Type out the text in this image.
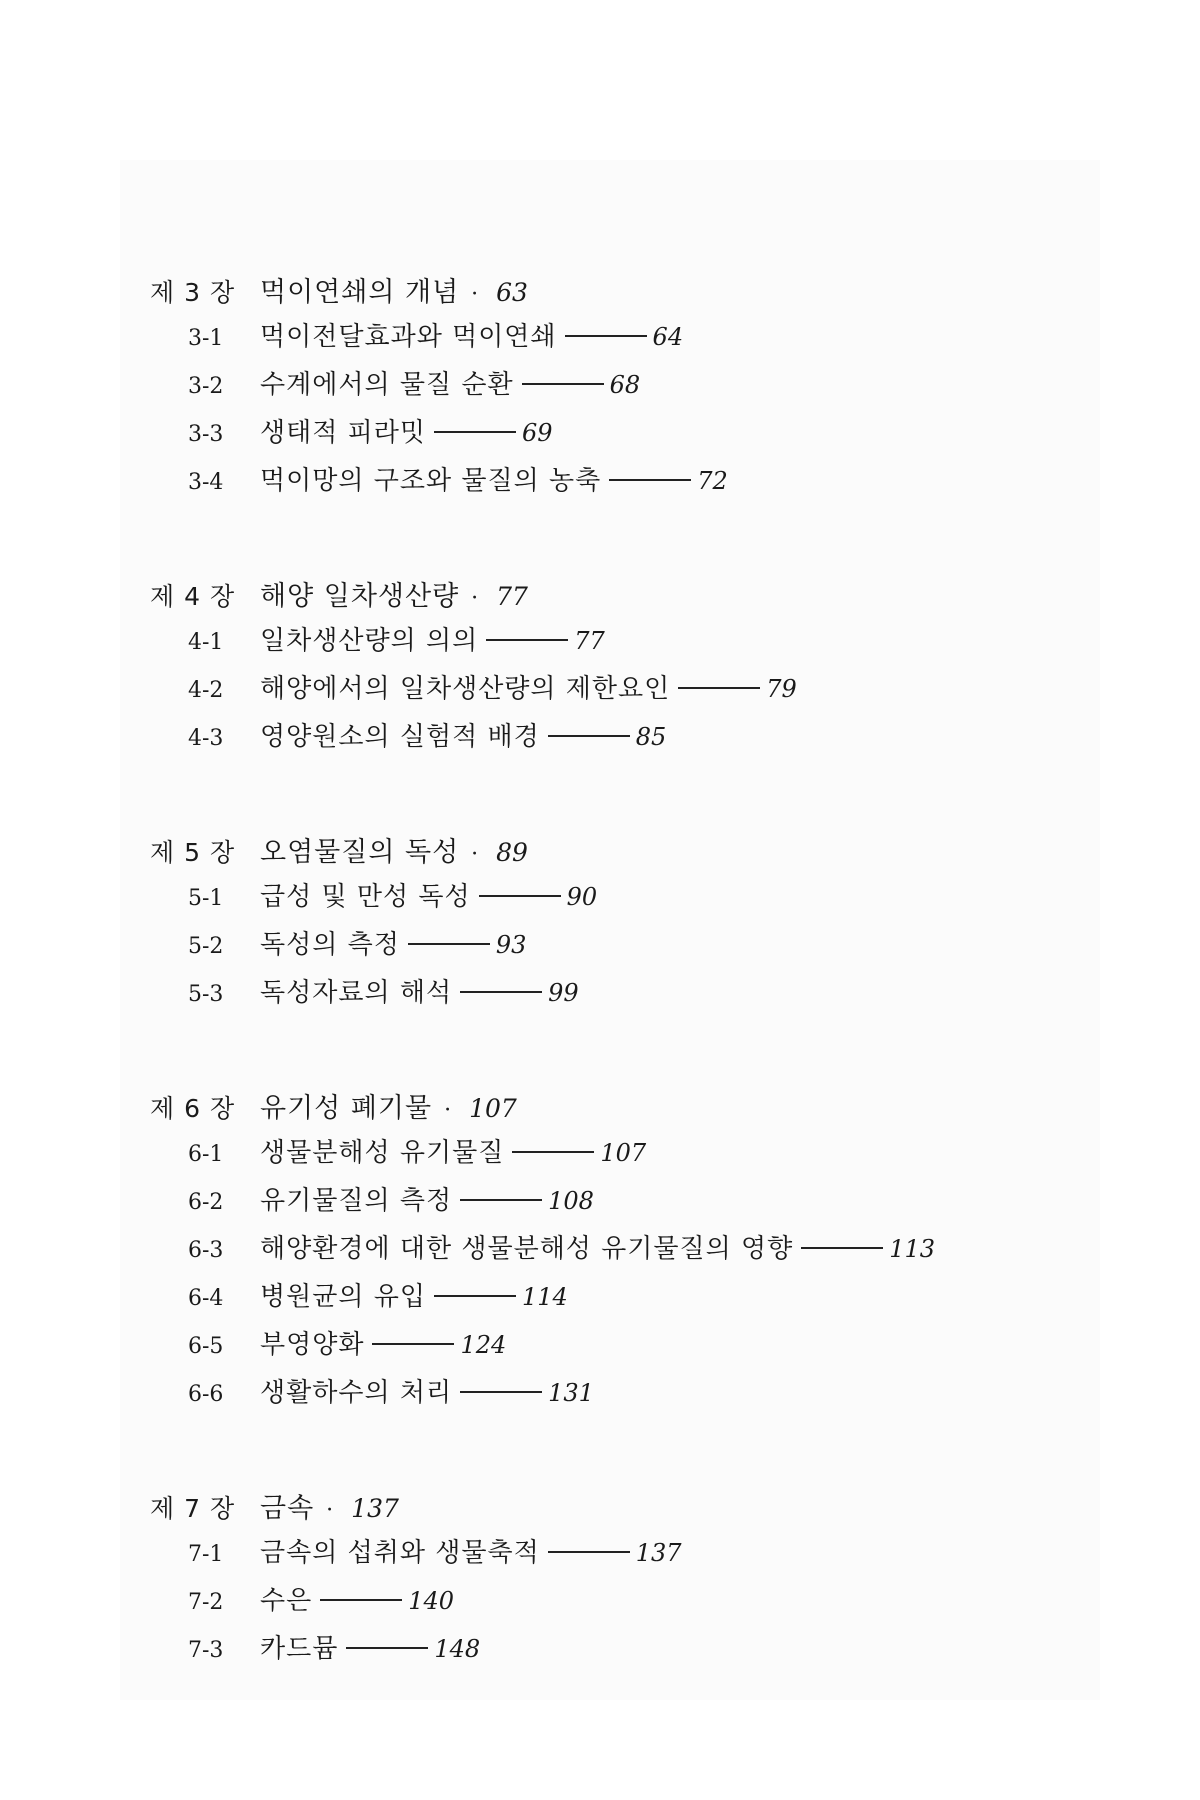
제 3 장 먹이연쇄의 개념 · 63
3-1	먹이전달효과와 먹이연쇄	64
3-2	수계에서의 물질 순환	68
3-3	생태적 피라밋	69
3-4	먹이망의 구조와 물질의 농축	72
제 4 장 해양 일차생산량 · 77
4-1	일차생산량의 의의	77
4-2	해양에서의 일차생산량의 제한요인	79
4-3	영양원소의 실험적 배경	85
제 5 장 오염물질의 독성 · 89
5-1	급성 및 만성 독성	90
5-2	독성의 측정	93
5-3	독성자료의 해석	99
제 6 장 유기성 폐기물 · 107
6-1	생물분해성 유기물질	107
6-2	유기물질의 측정	108
6-3	해양환경에 대한 생물분해성 유기물질의 영향	113
6-4	병원균의 유입	114
6-5	부영양화	124
6-6	생활하수의 처리	131
제 7 장 금속 · 137
7-1	금속의 섭취와 생물축적	137
7-2	수은	140
7-3	카드뮴	148
